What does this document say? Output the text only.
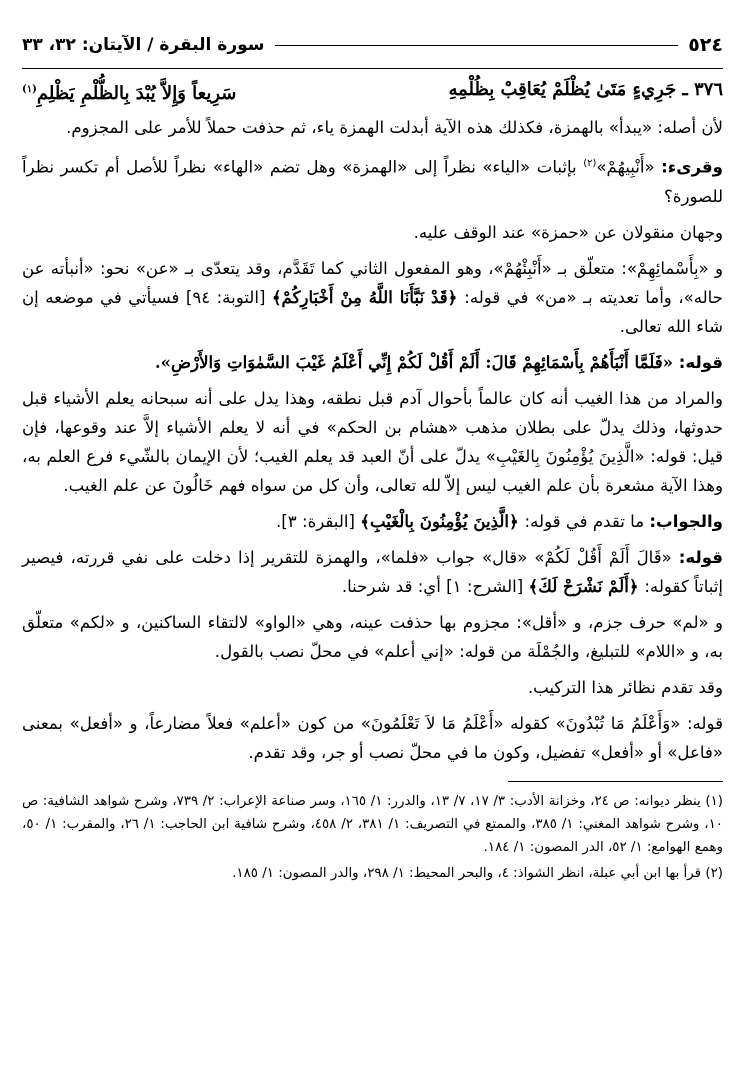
٥٢٤
سورة البقرة / الآيتان: ٣٢، ٣٣
٣٧٦ ـ جَرِيءٍ مَتَىٰ يُظْلَمْ يُعَاقِبْ بِظُلْمِهِ
سَرِيعاً وَإِلاَّ يُبْدَ بِالظُّلْمِ يَظْلِمِ$^{(١)}$

لأن أصله: «يبدأ» بالهمزة، فكذلك هذه الآية أبدلت الهمزة ياء، ثم حذفت حملاً للأمر على المجزوم.

وقرىء: «أَنْبِيهُمْ»$^{(٢)}$ بإثبات «الياء» نظراً إلى «الهمزة» وهل تضم «الهاء» نظراً للأصل أم تكسر نظراً للصورة؟

وجهان منقولان عن «حمزة» عند الوقف عليه.

و «بِأَسْمائِهِمْ»: متعلّق بـ «أَنْبِئْهُمْ»، وهو المفعول الثاني كما تَقَدَّم، وقد يتعدّى بـ «عن» نحو: «أنبأته عن حاله»، وأما تعديته بـ «من» في قوله: ﴿قَدْ نَبَّأَنَا اللَّهُ مِنْ أَخْبَارِكُمْ﴾ [التوبة: ٩٤] فسيأتي في موضعه إن شاء الله تعالى.

قوله: «فَلَمَّا أَنْبَأَهُمْ بِأَسْمَائِهِمْ قَالَ: أَلَمْ أَقُلْ لَكُمْ إِنِّي أَعْلَمُ غَيْبَ السَّمٰوَاتِ وَالأَرْضِ».

والمراد من هذا الغيب أنه كان عالماً بأحوال آدم قبل نطقه، وهذا يدل على أنه سبحانه يعلم الأشياء قبل حدوثها، وذلك يدلّ على بطلان مذهب «هشام بن الحكم» في أنه لا يعلم الأشياء إلاَّ عند وقوعها، فإن قيل: قوله: «الَّذِينَ يُؤْمِنُونَ بِالغَيْبِ» يدلّ على أنّ العبد قد يعلم الغيب؛ لأن الإيمان بالشّيء فرع العلم به، وهذا الآية مشعرة بأن علم الغيب ليس إلاّ لله تعالى، وأن كل من سواه فهم خَالُونَ عن علم الغيب.

والجواب: ما تقدم في قوله: ﴿الَّذِينَ يُؤْمِنُونَ بِالْغَيْبِ﴾ [البقرة: ٣].

قوله: «قَالَ أَلَمْ أَقُلْ لَكُمْ» «قال» جواب «فلما»، والهمزة للتقرير إذا دخلت على نفي قررته، فيصير إثباتاً كقوله: ﴿أَلَمْ نَشْرَحْ لَكَ﴾ [الشرح: ١] أي: قد شرحنا.

و «لم» حرف جزم، و «أقل»: مجزوم بها حذفت عينه، وهي «الواو» لالتقاء الساكنين، و «لكم» متعلّق به، و «اللام» للتبليغ، والجُمْلَة من قوله: «إني أعلم» في محلّ نصب بالقول.

وقد تقدم نظائر هذا التركيب.

قوله: «وَأَعْلَمُ مَا تُبْدُونَ» كقوله «أَعْلَمُ مَا لاَ تَعْلَمُونَ» من كون «أعلم» فعلاً مضارعاً، و «أفعل» بمعنى «فاعل» أو «أفعل» تفضيل، وكون ما في محلّ نصب أو جر، وقد تقدم.

(١) ينظر ديوانه: ص ٢٤، وخزانة الأدب: ٣/ ١٧، ٧/ ١٣، والدرر: ١/ ١٦٥، وسر صناعة الإعراب: ٢/ ٧٣٩، وشرح شواهد الشافية: ص ١٠، وشرح شواهد المغني: ١/ ٣٨٥، والممتع في التصريف: ١/ ٣٨١، ٢/ ٤٥٨، وشرح شافية ابن الحاجب: ١/ ٢٦، والمقرب: ١/ ٥٠، وهمع الهوامع: ١/ ٥٢، الدر المصون: ١/ ١٨٤.

(٢) قرأ بها ابن أبي عبلة، انظر الشواذ: ٤، والبحر المحيط: ١/ ٢٩٨، والدر المصون: ١/ ١٨٥.
